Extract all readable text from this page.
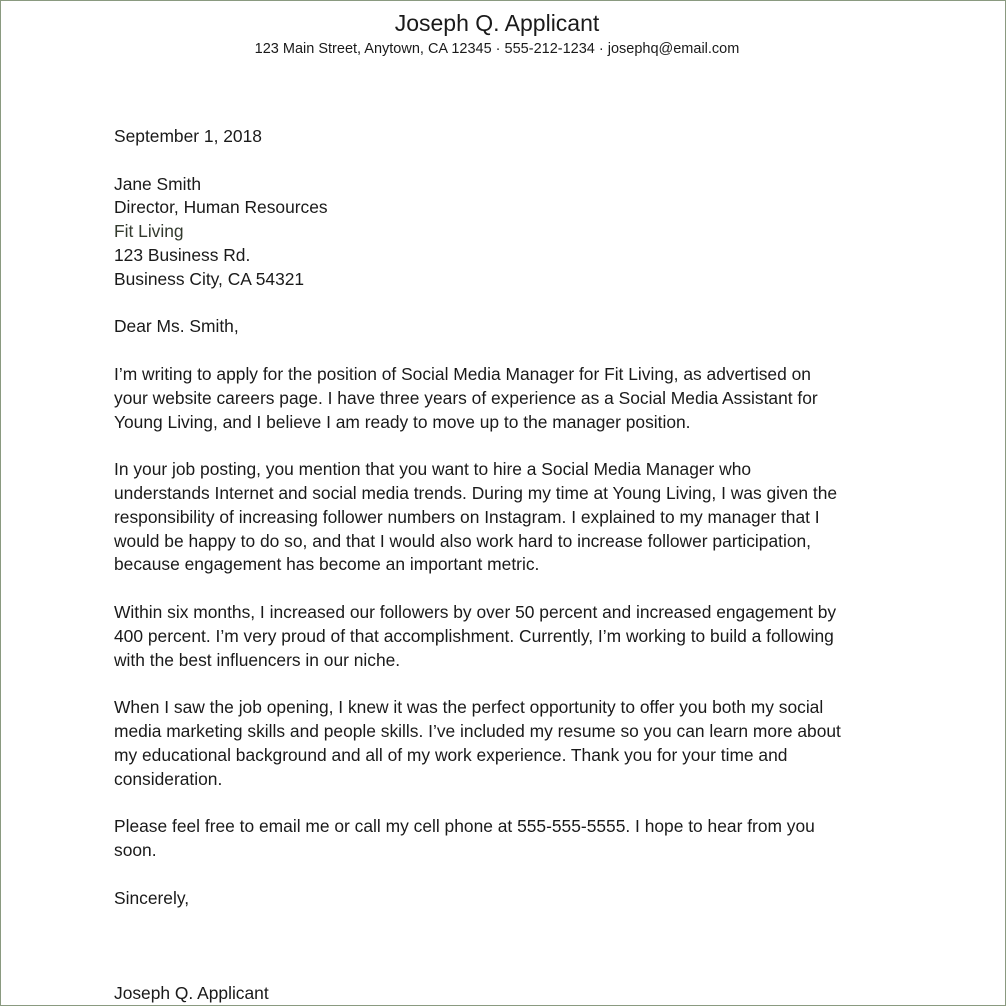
Joseph Q. Applicant
123 Main Street, Anytown, CA 12345 · 555-212-1234 · josephq@email.com
September 1, 2018
Jane Smith
Director, Human Resources
Fit Living
123 Business Rd.
Business City, CA 54321
Dear Ms. Smith,
I’m writing to apply for the position of Social Media Manager for Fit Living, as advertised on
your website careers page. I have three years of experience as a Social Media Assistant for
Young Living, and I believe I am ready to move up to the manager position.
In your job posting, you mention that you want to hire a Social Media Manager who
understands Internet and social media trends. During my time at Young Living, I was given the
responsibility of increasing follower numbers on Instagram. I explained to my manager that I
would be happy to do so, and that I would also work hard to increase follower participation,
because engagement has become an important metric.
Within six months, I increased our followers by over 50 percent and increased engagement by
400 percent. I’m very proud of that accomplishment. Currently, I’m working to build a following
with the best influencers in our niche.
When I saw the job opening, I knew it was the perfect opportunity to offer you both my social
media marketing skills and people skills. I’ve included my resume so you can learn more about
my educational background and all of my work experience. Thank you for your time and
consideration.
Please feel free to email me or call my cell phone at 555-555-5555. I hope to hear from you
soon.
Sincerely,
Joseph Q. Applicant
